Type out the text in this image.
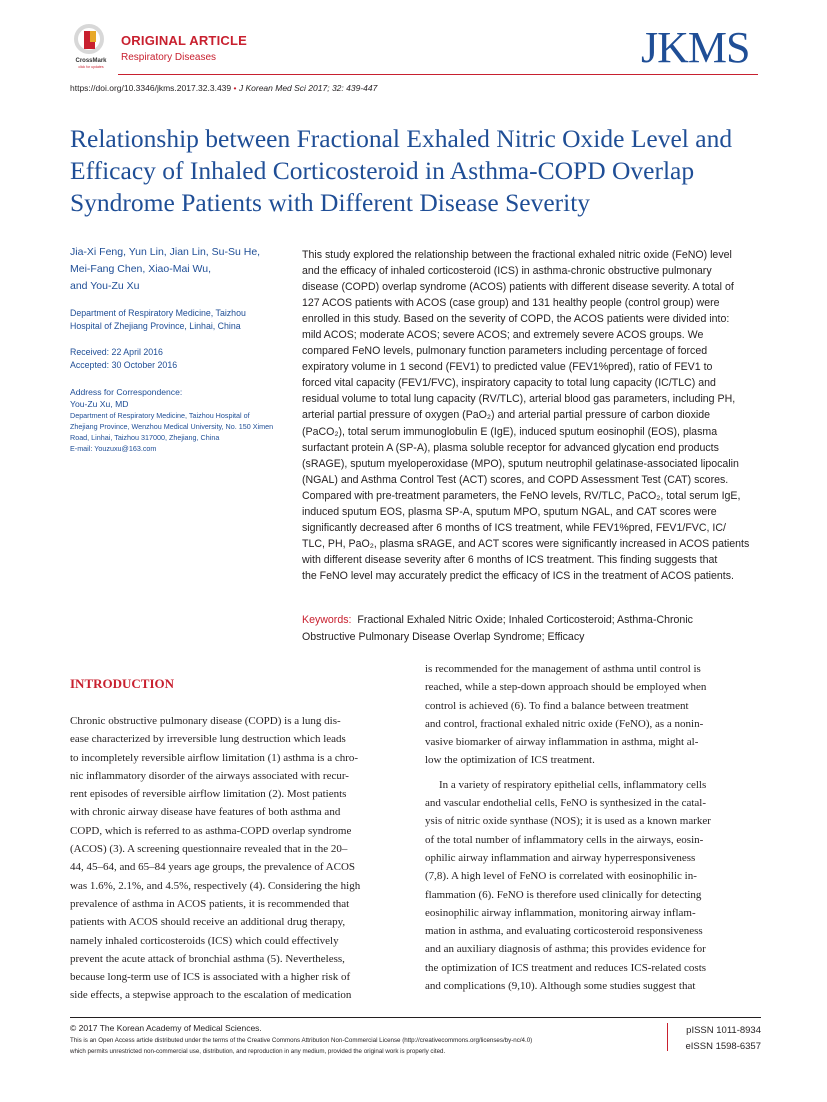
CrossMark
click for updates
ORIGINAL ARTICLE
Respiratory Diseases	JKMS
https://doi.org/10.3346/jkms.2017.32.3.439 • J Korean Med Sci 2017; 32: 439-447
Relationship between Fractional Exhaled Nitric Oxide Level and Efficacy of Inhaled Corticosteroid in Asthma-COPD Overlap Syndrome Patients with Different Disease Severity
Jia-Xi Feng, Yun Lin, Jian Lin, Su-Su He,
Mei-Fang Chen, Xiao-Mai Wu,
and You-Zu Xu
Department of Respiratory Medicine, Taizhou
Hospital of Zhejiang Province, Linhai, China
Received: 22 April 2016
Accepted: 30 October 2016
Address for Correspondence:
You-Zu Xu, MD
Department of Respiratory Medicine, Taizhou Hospital of
Zhejiang Province, Wenzhou Medical University, No. 150 Ximen
Road, Linhai, Taizhou 317000, Zhejiang, China
E-mail: Youzuxu@163.com
This study explored the relationship between the fractional exhaled nitric oxide (FeNO) level
and the efficacy of inhaled corticosteroid (ICS) in asthma-chronic obstructive pulmonary
disease (COPD) overlap syndrome (ACOS) patients with different disease severity. A total of
127 ACOS patients with ACOS (case group) and 131 healthy people (control group) were
enrolled in this study. Based on the severity of COPD, the ACOS patients were divided into:
mild ACOS; moderate ACOS; severe ACOS; and extremely severe ACOS groups. We
compared FeNO levels, pulmonary function parameters including percentage of forced
expiratory volume in 1 second (FEV1) to predicted value (FEV1%pred), ratio of FEV1 to
forced vital capacity (FEV1/FVC), inspiratory capacity to total lung capacity (IC/TLC) and
residual volume to total lung capacity (RV/TLC), arterial blood gas parameters, including PH,
arterial partial pressure of oxygen (PaO₂) and arterial partial pressure of carbon dioxide
(PaCO₂), total serum immunoglobulin E (IgE), induced sputum eosinophil (EOS), plasma
surfactant protein A (SP-A), plasma soluble receptor for advanced glycation end products
(sRAGE), sputum myeloperoxidase (MPO), sputum neutrophil gelatinase-associated lipocalin
(NGAL) and Asthma Control Test (ACT) scores, and COPD Assessment Test (CAT) scores.
Compared with pre-treatment parameters, the FeNO levels, RV/TLC, PaCO₂, total serum IgE,
induced sputum EOS, plasma SP-A, sputum MPO, sputum NGAL, and CAT scores were
significantly decreased after 6 months of ICS treatment, while FEV1%pred, FEV1/FVC, IC/
TLC, PH, PaO₂, plasma sRAGE, and ACT scores were significantly increased in ACOS patients
with different disease severity after 6 months of ICS treatment. This finding suggests that
the FeNO level may accurately predict the efficacy of ICS in the treatment of ACOS patients.
Keywords: Fractional Exhaled Nitric Oxide; Inhaled Corticosteroid; Asthma-Chronic
Obstructive Pulmonary Disease Overlap Syndrome; Efficacy
INTRODUCTION
Chronic obstructive pulmonary disease (COPD) is a lung dis-
ease characterized by irreversible lung destruction which leads
to incompletely reversible airflow limitation (1) asthma is a chro-
nic inflammatory disorder of the airways associated with recur-
rent episodes of reversible airflow limitation (2). Most patients
with chronic airway disease have features of both asthma and
COPD, which is referred to as asthma-COPD overlap syndrome
(ACOS) (3). A screening questionnaire revealed that in the 20–
44, 45–64, and 65–84 years age groups, the prevalence of ACOS
was 1.6%, 2.1%, and 4.5%, respectively (4). Considering the high
prevalence of asthma in ACOS patients, it is recommended that
patients with ACOS should receive an additional drug therapy,
namely inhaled corticosteroids (ICS) which could effectively
prevent the acute attack of bronchial asthma (5). Nevertheless,
because long-term use of ICS is associated with a higher risk of
side effects, a stepwise approach to the escalation of medication
is recommended for the management of asthma until control is
reached, while a step-down approach should be employed when
control is achieved (6). To find a balance between treatment
and control, fractional exhaled nitric oxide (FeNO), as a nonin-
vasive biomarker of airway inflammation in asthma, might al-
low the optimization of ICS treatment.
In a variety of respiratory epithelial cells, inflammatory cells
and vascular endothelial cells, FeNO is synthesized in the catal-
ysis of nitric oxide synthase (NOS); it is used as a known marker
of the total number of inflammatory cells in the airways, eosin-
ophilic airway inflammation and airway hyperresponsiveness
(7,8). A high level of FeNO is correlated with eosinophilic in-
flammation (6). FeNO is therefore used clinically for detecting
eosinophilic airway inflammation, monitoring airway inflam-
mation in asthma, and evaluating corticosteroid responsiveness
and an auxiliary diagnosis of asthma; this provides evidence for
the optimization of ICS treatment and reduces ICS-related costs
and complications (9,10). Although some studies suggest that
© 2017 The Korean Academy of Medical Sciences.
This is an Open Access article distributed under the terms of the Creative Commons Attribution Non-Commercial License (http://creativecommons.org/licenses/by-nc/4.0)
which permits unrestricted non-commercial use, distribution, and reproduction in any medium, provided the original work is properly cited.
pISSN 1011-8934
eISSN 1598-6357
